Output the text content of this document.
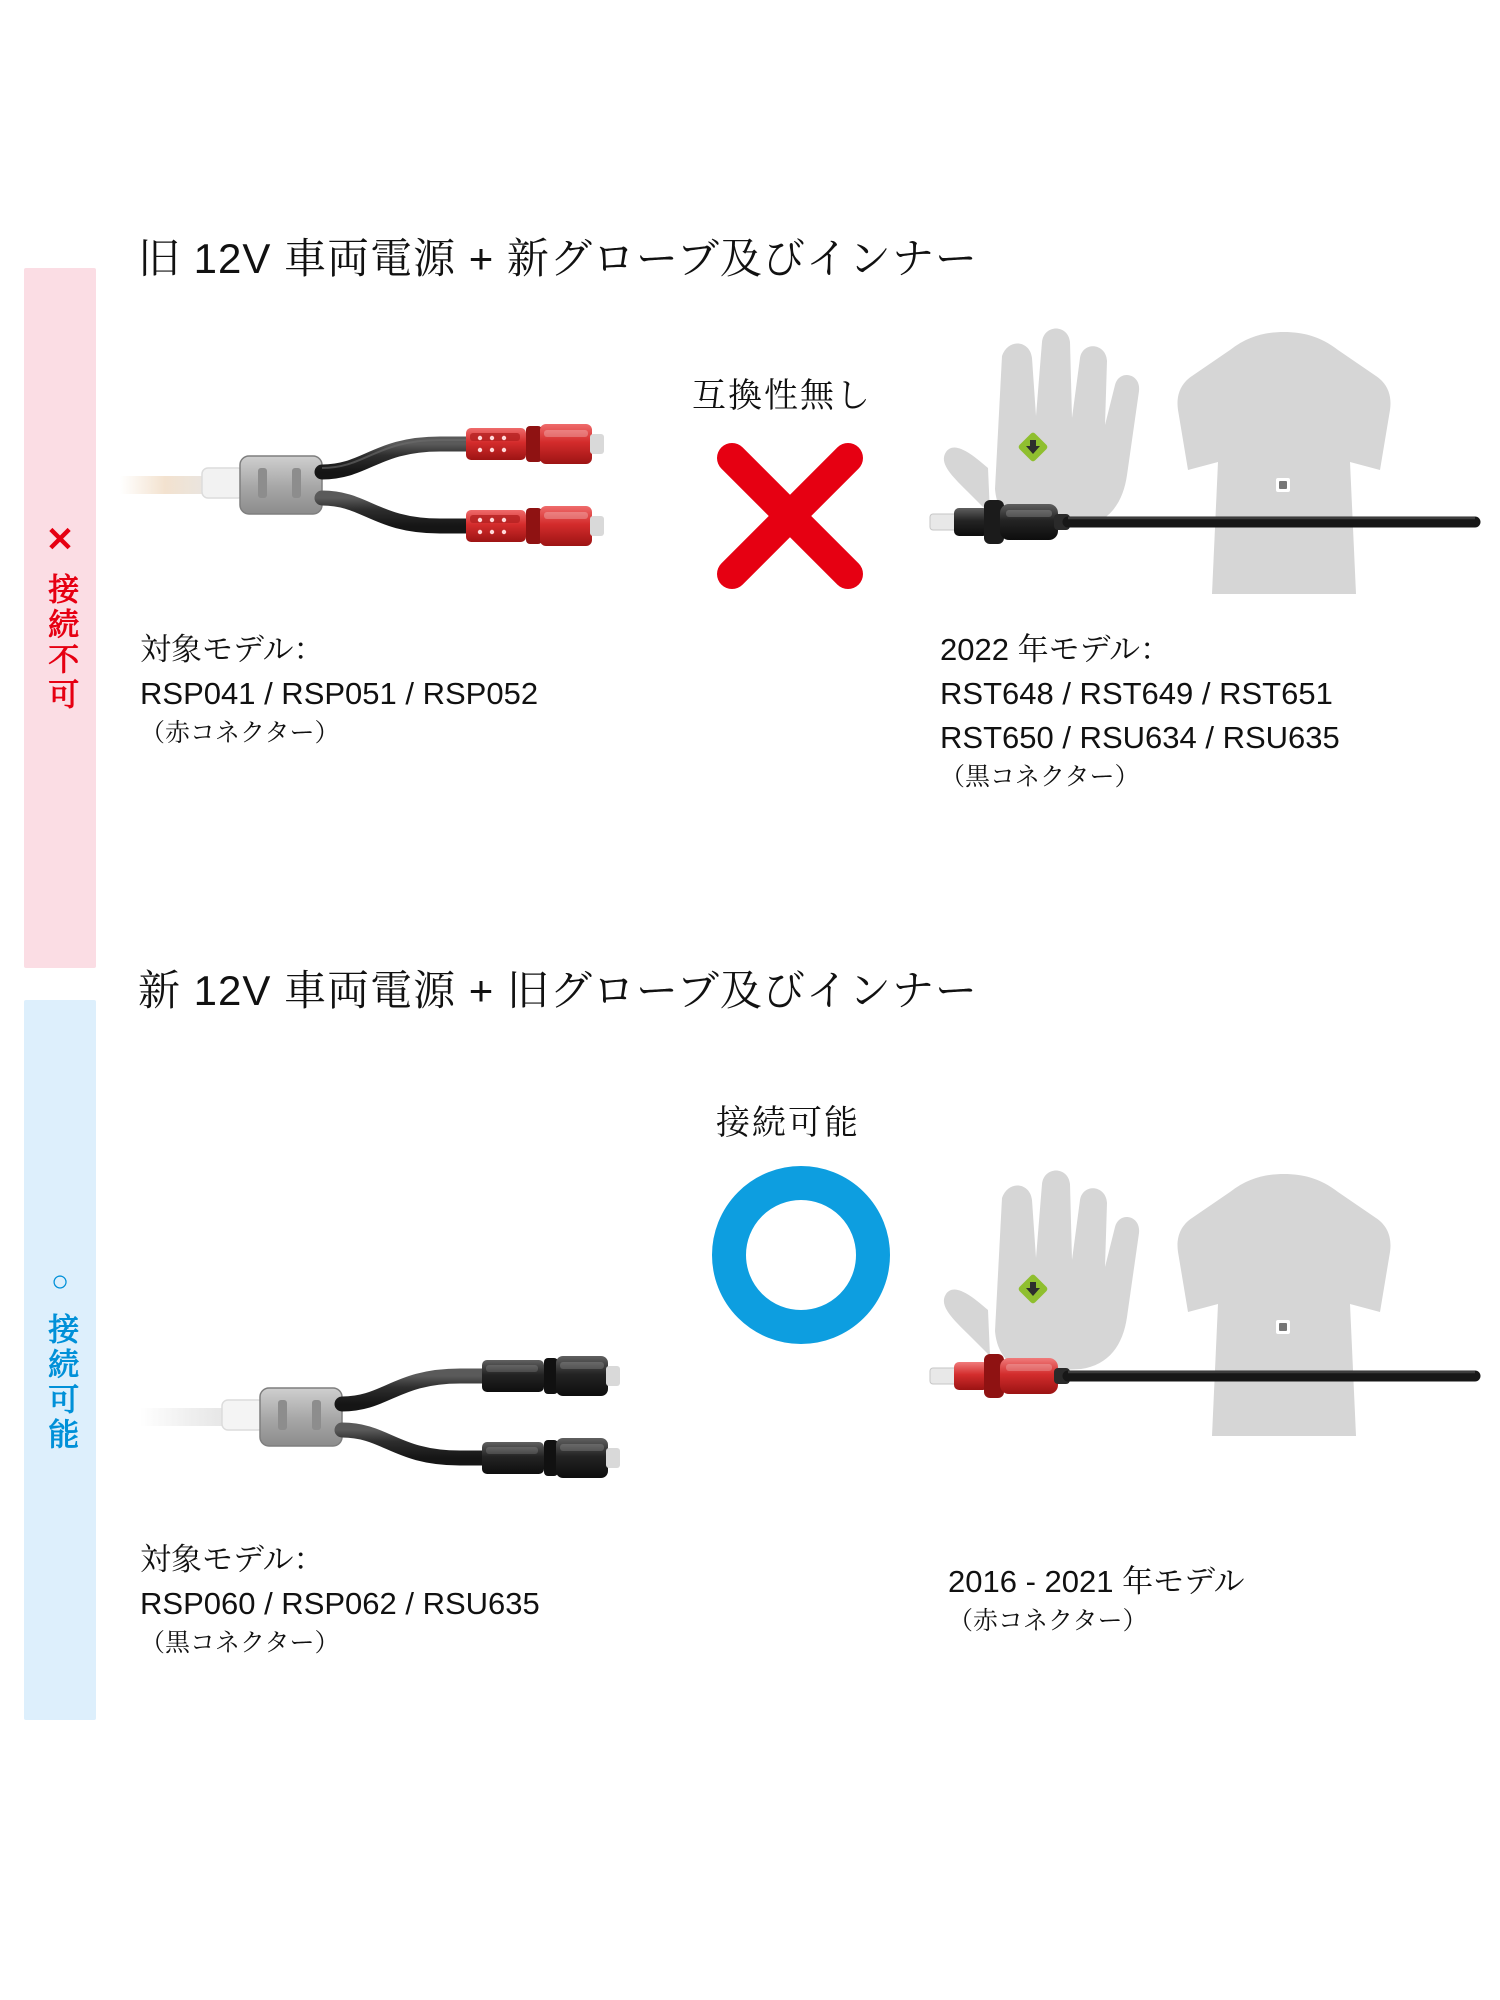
✕
接続不可
旧 12V 車両電源 + 新グローブ及びインナー
互換性無し
対象モデル：
RSP041 / RSP051 / RSP052
（赤コネクター）
2022 年モデル：
RST648 / RST649 / RST651
RST650 / RSU634 / RSU635
（黒コネクター）
○
接続可能
新 12V 車両電源 + 旧グローブ及びインナー
接続可能
対象モデル：
RSP060 / RSP062 / RSU635
（黒コネクター）
2016 - 2021 年モデル
（赤コネクター）
